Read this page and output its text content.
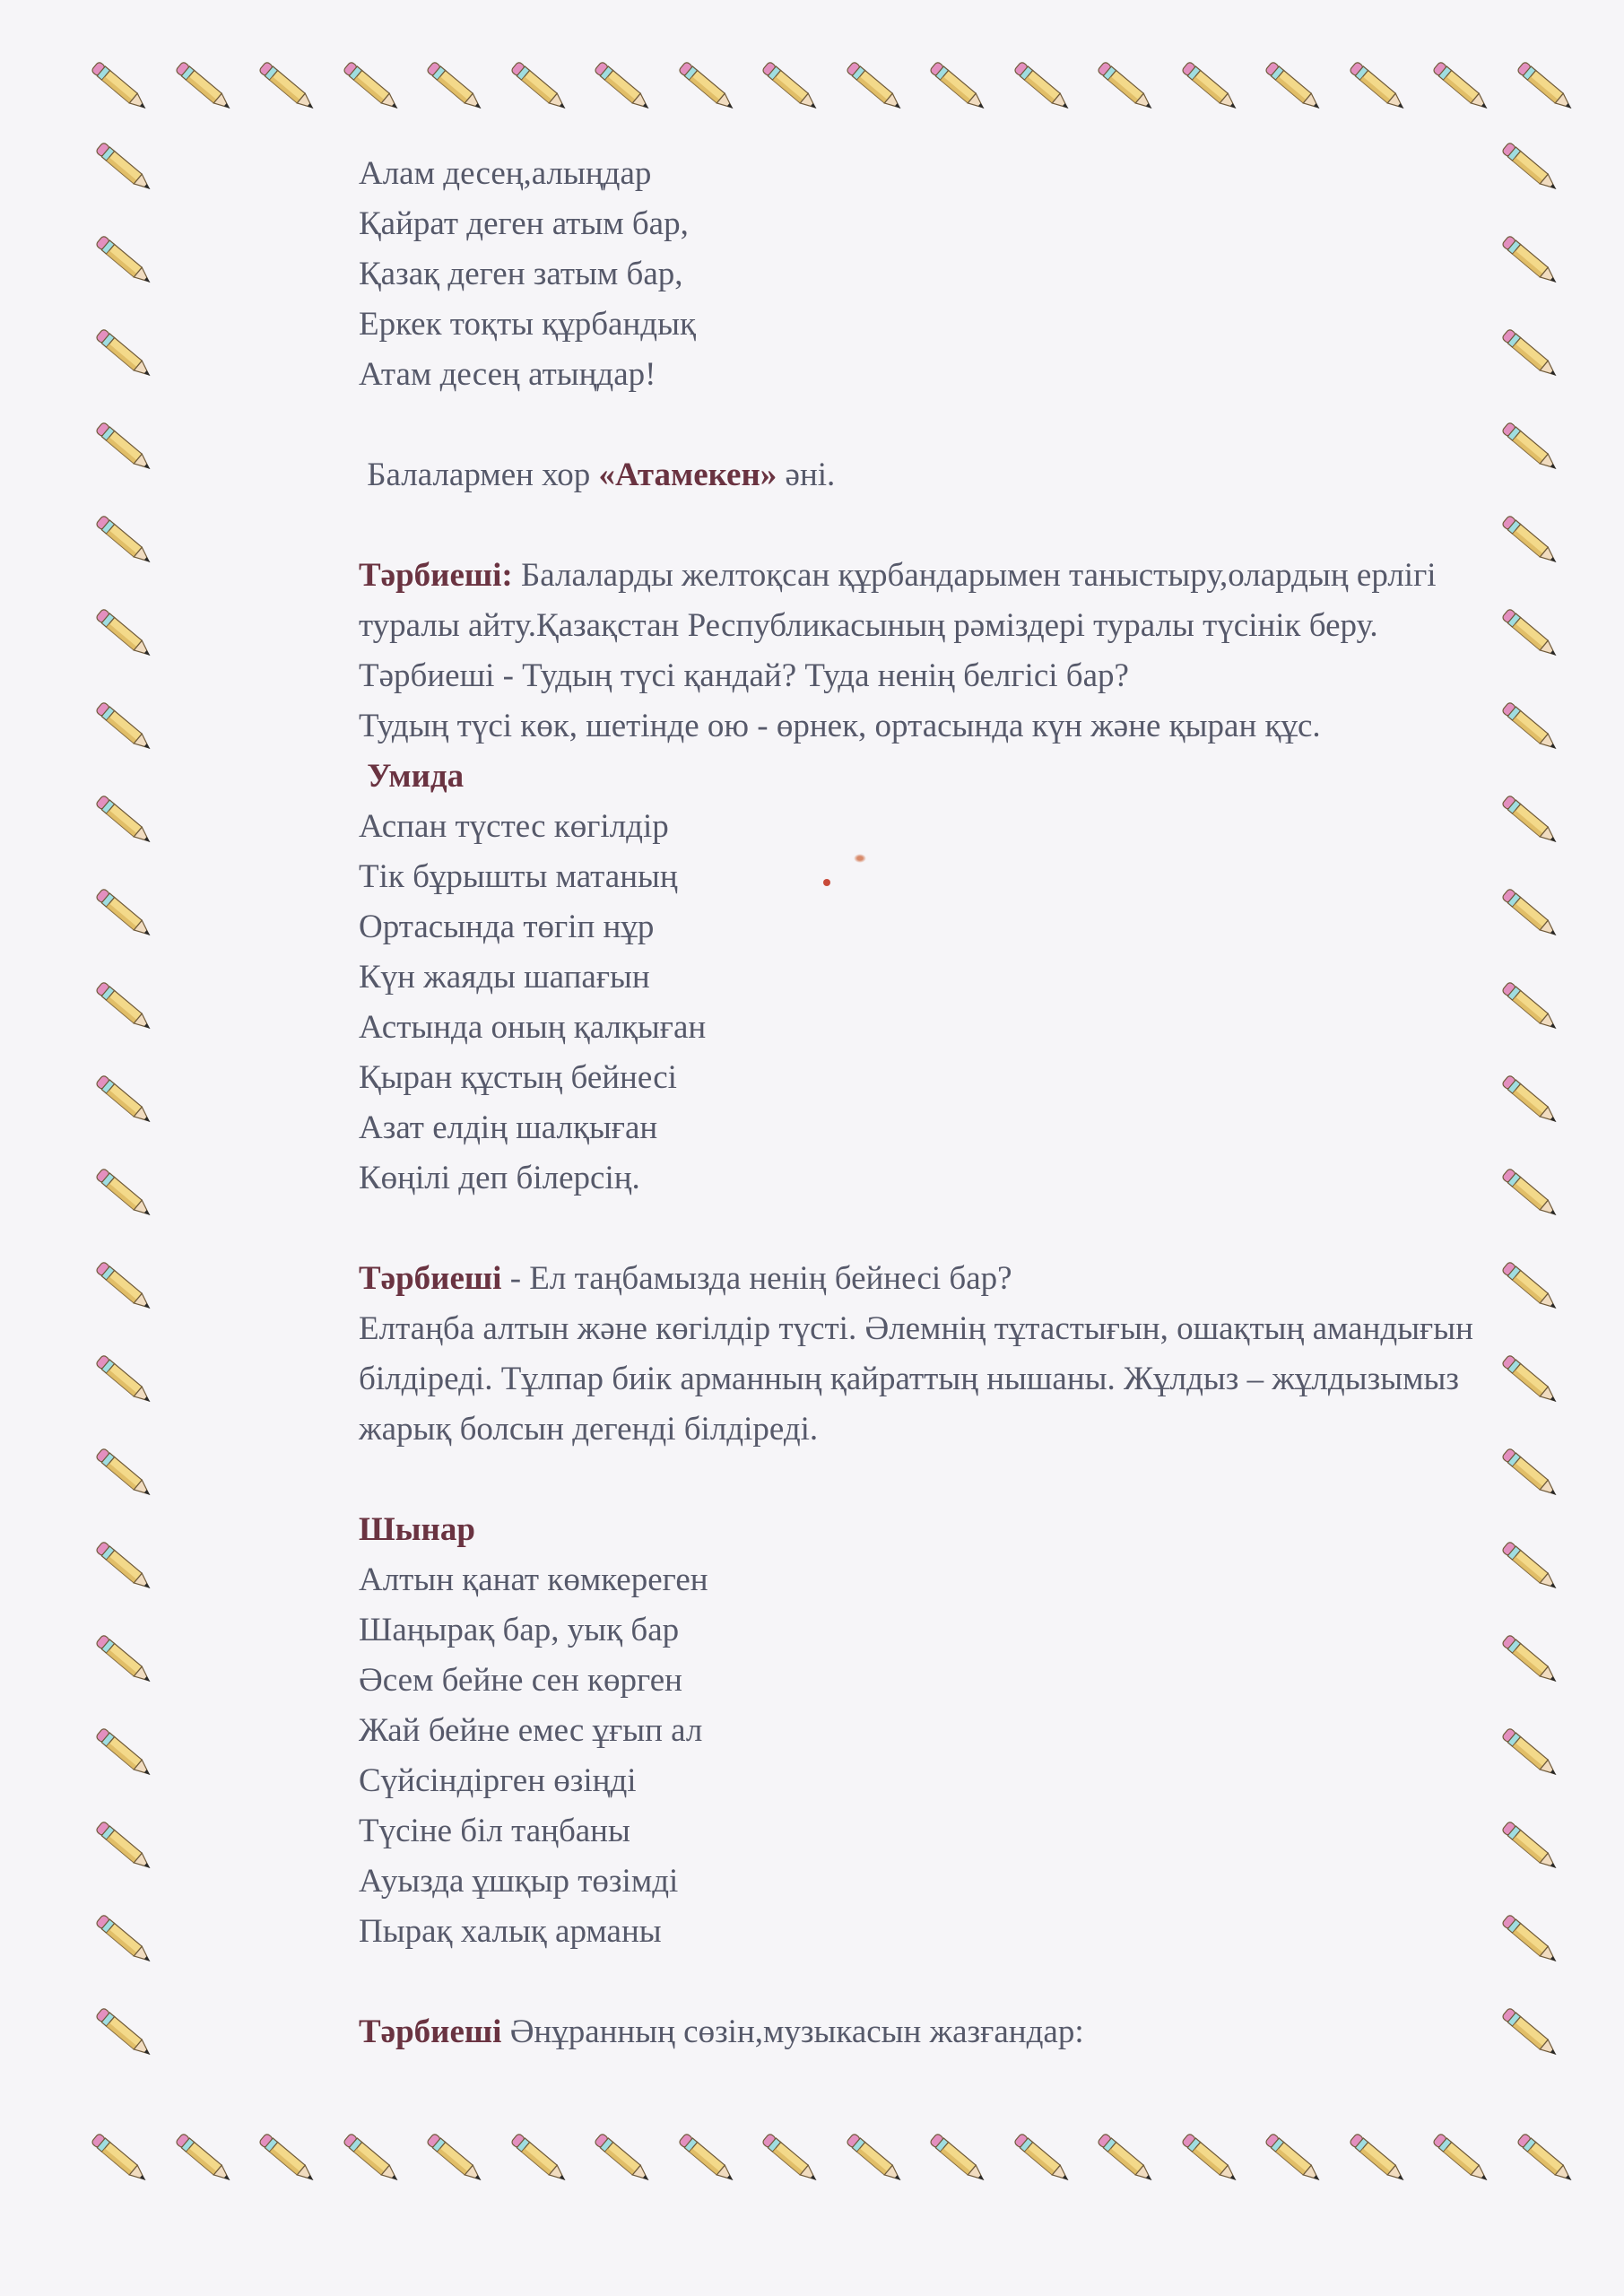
Алам десең,алыңдар

Қайрат деген атым бар,

Қазақ деген затым бар,

Еркек тоқты құрбандық

Атам десең атыңдар!

Балалармен хор «Атамекен» әні.

Тәрбиеші: Балаларды желтоқсан құрбандарымен таныстыру,олардың ерлігі туралы айту.Қазақстан Республикасының рәміздері туралы түсінік беру.

Тәрбиеші - Тудың түсі қандай? Туда ненің белгісі бар?

Тудың түсі көк, шетінде ою - өрнек, ортасында күн және қыран құс.

Умида

Аспан түстес көгілдір

Тік бұрышты матаның

Ортасында төгіп нұр

Күн жаяды шапағын

Астында оның қалқыған

Қыран құстың бейнесі

Азат елдің шалқыған

Көңілі деп білерсің.

Тәрбиеші - Ел таңбамызда ненің бейнесі бар?

Елтаңба алтын және көгілдір түсті. Әлемнің тұтастығын, ошақтың амандығын білдіреді. Тұлпар биік арманның қайраттың нышаны. Жұлдыз – жұлдызымыз жарық болсын дегенді білдіреді.

Шынар

Алтын қанат көмкереген

Шаңырақ бар, уық бар

Әсем бейне сен көрген

Жай бейне емес ұғып ал

Сүйсіндірген өзіңді

Түсіне біл таңбаны

Ауызда ұшқыр төзімді

Пырақ халық арманы

Тәрбиеші Әнұранның сөзін,музыкасын жазғандар:
